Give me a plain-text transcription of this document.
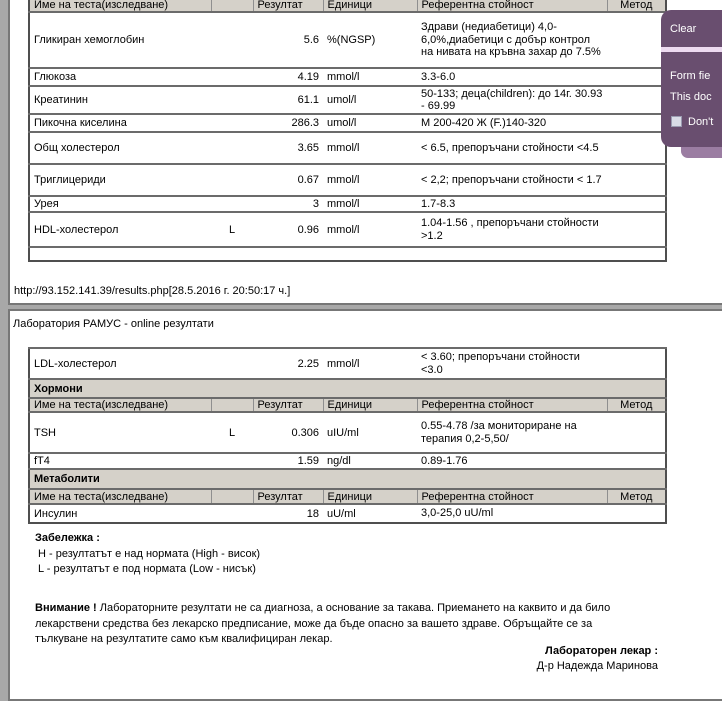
Име на теста(изследване)		Резултат	Единици	Референтна стойност	Метод
Гликиран хемоглобин		5.6	%(NGSP)	Здрави (недиабетици) 4,0-6,0%,диабетици с добър контрол на нивата на кръвна захар до 7.5%	
Глюкоза		4.19	mmol/l	3.3-6.0	
Креатинин		61.1	umol/l	50-133; деца(children): до 14г. 30.93 - 69.99	
Пикочна киселина		286.3	umol/l	М 200-420 Ж (F.)140-320	
Общ холестерол		3.65	mmol/l	< 6.5, препоръчани стойности <4.5	
Триглицериди		0.67	mmol/l	< 2,2; препоръчани стойности < 1.7	
Урея		3	mmol/l	1.7-8.3	
HDL-холестерол	L	0.96	mmol/l	1.04-1.56 , препоръчани стойности >1.2	

http://93.152.141.39/results.php[28.5.2016 г. 20:50:17 ч.]
Лаборатория РАМУС - online резултати
LDL-холестерол		2.25	mmol/l	< 3.60; препоръчани стойности <3.0	
Хормони					
Име на теста(изследване)		Резултат	Единици	Референтна стойност	Метод
TSH	L	0.306	uIU/ml	0.55-4.78 /за мониториране на терапия 0,2-5,50/	
fT4		1.59	ng/dl	0.89-1.76	
Метаболити					
Име на теста(изследване)		Резултат	Единици	Референтна стойност	Метод
Инсулин		18	uU/ml	3,0-25,0 uU/ml	
Забележка :
H - резултатът е над нормата (High - висок)
L - резултатът е под нормата (Low - нисък)
Внимание ! Лабораторните резултати не са диагноза, а основание за такава. Приемането на каквито и да било лекарствени средства без лекарско предписание, може да бъде опасно за вашето здраве. Обръщайте се за тълкуване на резултатите само към квалифициран лекар.
Лабораторен лекар :
Д-р Надежда Маринова
Clear
Form fie
This doc
Don't
